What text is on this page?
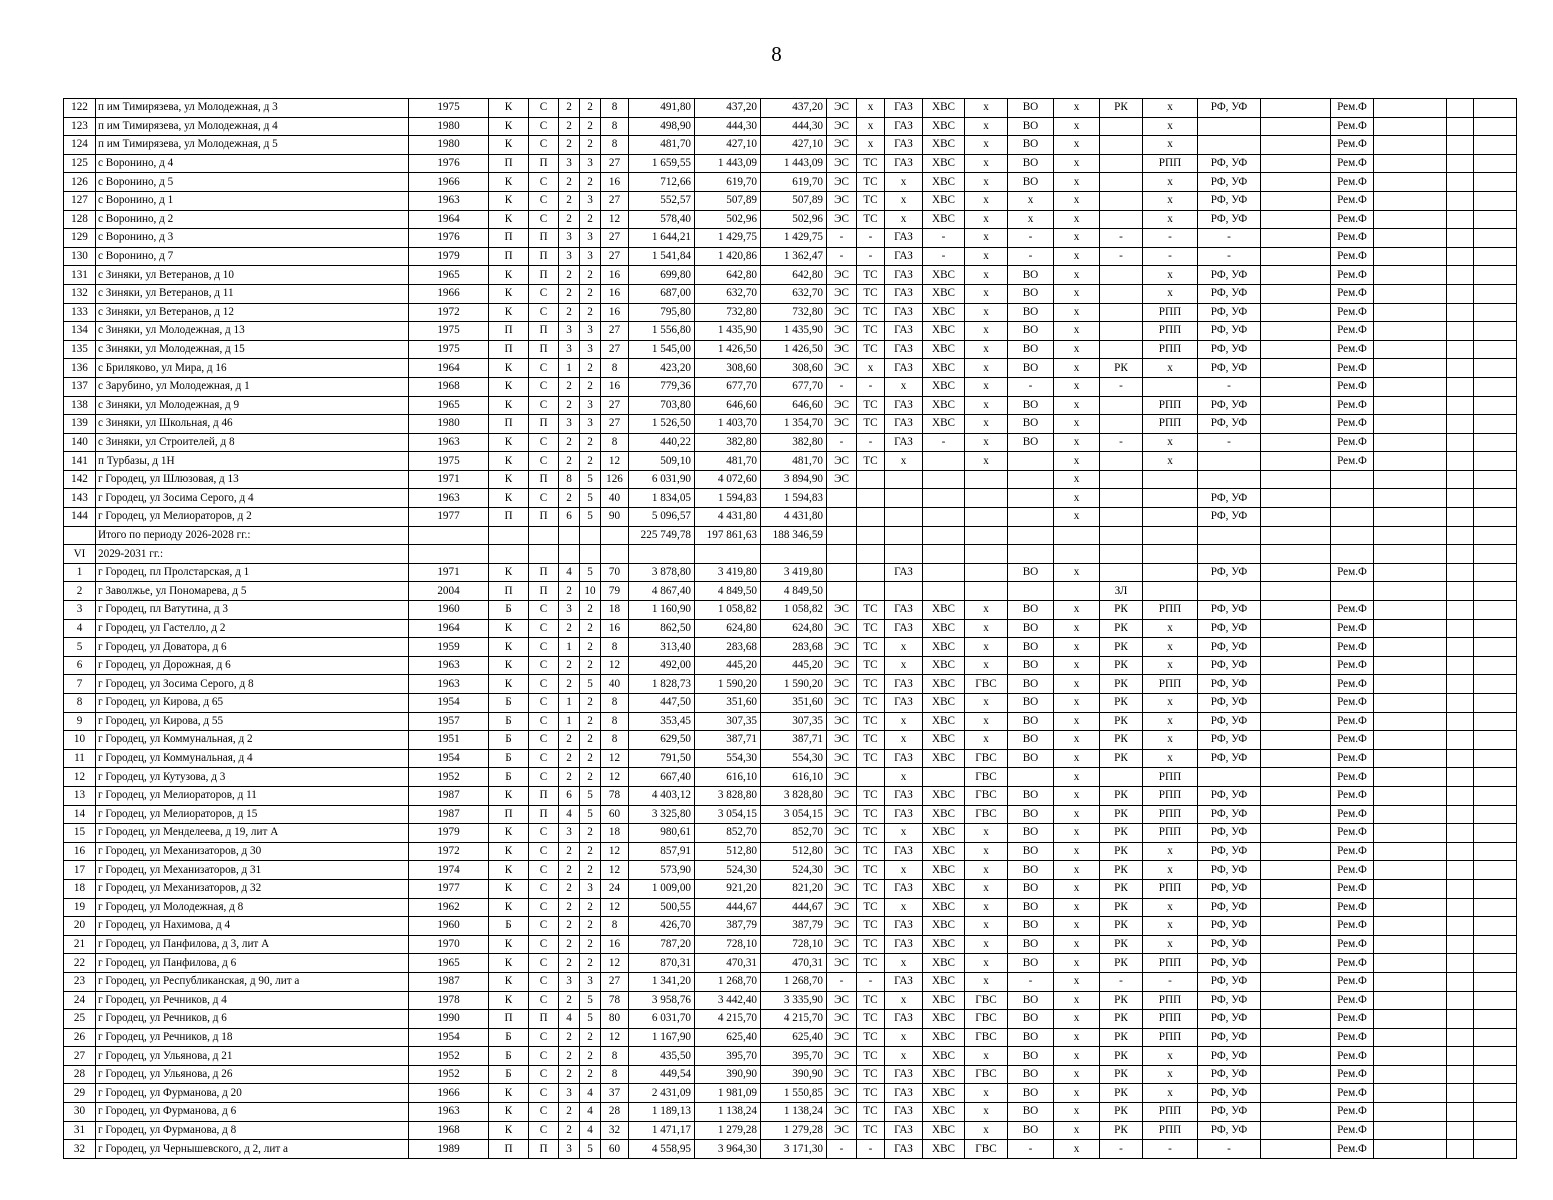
8
122	п им Тимирязева, ул Молодежная, д 3	1975	К	С	2	2	8	491,80	437,20	437,20	ЭС	х	ГАЗ	ХВС	х	ВО	х	РК	х	РФ, УФ		Рем.Ф			
123	п им Тимирязева, ул Молодежная, д 4	1980	К	С	2	2	8	498,90	444,30	444,30	ЭС	х	ГАЗ	ХВС	х	ВО	х		х			Рем.Ф			
124	п им Тимирязева, ул Молодежная, д 5	1980	К	С	2	2	8	481,70	427,10	427,10	ЭС	х	ГАЗ	ХВС	х	ВО	х		х			Рем.Ф			
125	с Воронино, д 4	1976	П	П	3	3	27	1 659,55	1 443,09	1 443,09	ЭС	ТС	ГАЗ	ХВС	х	ВО	х		РПП	РФ, УФ		Рем.Ф			
126	с Воронино, д 5	1966	К	С	2	2	16	712,66	619,70	619,70	ЭС	ТС	х	ХВС	х	ВО	х		х	РФ, УФ		Рем.Ф			
127	с Воронино, д 1	1963	К	С	2	3	27	552,57	507,89	507,89	ЭС	ТС	х	ХВС	х	х	х		х	РФ, УФ		Рем.Ф			
128	с Воронино, д 2	1964	К	С	2	2	12	578,40	502,96	502,96	ЭС	ТС	х	ХВС	х	х	х		х	РФ, УФ		Рем.Ф			
129	с Воронино, д 3	1976	П	П	3	3	27	1 644,21	1 429,75	1 429,75	-	-	ГАЗ	-	х	-	х	-	-	-		Рем.Ф			
130	с Воронино, д 7	1979	П	П	3	3	27	1 541,84	1 420,86	1 362,47	-	-	ГАЗ	-	х	-	х	-	-	-		Рем.Ф			
131	с Зиняки, ул Ветеранов, д 10	1965	К	П	2	2	16	699,80	642,80	642,80	ЭС	ТС	ГАЗ	ХВС	х	ВО	х		х	РФ, УФ		Рем.Ф			
132	с Зиняки, ул Ветеранов, д 11	1966	К	С	2	2	16	687,00	632,70	632,70	ЭС	ТС	ГАЗ	ХВС	х	ВО	х		х	РФ, УФ		Рем.Ф			
133	с Зиняки, ул Ветеранов, д 12	1972	К	С	2	2	16	795,80	732,80	732,80	ЭС	ТС	ГАЗ	ХВС	х	ВО	х		РПП	РФ, УФ		Рем.Ф			
134	с Зиняки, ул Молодежная, д 13	1975	П	П	3	3	27	1 556,80	1 435,90	1 435,90	ЭС	ТС	ГАЗ	ХВС	х	ВО	х		РПП	РФ, УФ		Рем.Ф			
135	с Зиняки, ул Молодежная, д 15	1975	П	П	3	3	27	1 545,00	1 426,50	1 426,50	ЭС	ТС	ГАЗ	ХВС	х	ВО	х		РПП	РФ, УФ		Рем.Ф			
136	с Бриляково, ул Мира, д 16	1964	К	С	1	2	8	423,20	308,60	308,60	ЭС	х	ГАЗ	ХВС	х	ВО	х	РК	х	РФ, УФ		Рем.Ф			
137	с Зарубино, ул Молодежная, д 1	1968	К	С	2	2	16	779,36	677,70	677,70	-	-	х	ХВС	х	-	х	-		-		Рем.Ф			
138	с Зиняки, ул Молодежная, д 9	1965	К	С	2	3	27	703,80	646,60	646,60	ЭС	ТС	ГАЗ	ХВС	х	ВО	х		РПП	РФ, УФ		Рем.Ф			
139	с Зиняки, ул Школьная, д 46	1980	П	П	3	3	27	1 526,50	1 403,70	1 354,70	ЭС	ТС	ГАЗ	ХВС	х	ВО	х		РПП	РФ, УФ		Рем.Ф			
140	с Зиняки, ул Строителей, д 8	1963	К	С	2	2	8	440,22	382,80	382,80	-	-	ГАЗ	-	х	ВО	х	-	х	-		Рем.Ф			
141	п Турбазы, д 1Н	1975	К	С	2	2	12	509,10	481,70	481,70	ЭС	ТС	х		х		х		х			Рем.Ф			
142	г Городец, ул Шлюзовая, д 13	1971	К	П	8	5	126	6 031,90	4 072,60	3 894,90	ЭС						х								
143	г Городец, ул Зосима Серого, д 4	1963	К	С	2	5	40	1 834,05	1 594,83	1 594,83							х			РФ, УФ					
144	г Городец, ул Мелиораторов, д 2	1977	П	П	6	5	90	5 096,57	4 431,80	4 431,80							х			РФ, УФ					
	Итого по периоду 2026-2028 гг.:							225 749,78	197 861,63	188 346,59															
VI	2029-2031 гг.:																								
1	г Городец, пл Пролстарская, д 1	1971	К	П	4	5	70	3 878,80	3 419,80	3 419,80			ГАЗ			ВО	х			РФ, УФ		Рем.Ф			
2	г Заволжье, ул Пономарева, д 5	2004	П	П	2	10	79	4 867,40	4 849,50	4 849,50								ЗЛ							
3	г Городец, пл Ватутина, д 3	1960	Б	С	3	2	18	1 160,90	1 058,82	1 058,82	ЭС	ТС	ГАЗ	ХВС	х	ВО	х	РК	РПП	РФ, УФ		Рем.Ф			
4	г Городец, ул Гастелло, д 2	1964	К	С	2	2	16	862,50	624,80	624,80	ЭС	ТС	ГАЗ	ХВС	х	ВО	х	РК	х	РФ, УФ		Рем.Ф			
5	г Городец, ул Доватора, д 6	1959	К	С	1	2	8	313,40	283,68	283,68	ЭС	ТС	х	ХВС	х	ВО	х	РК	х	РФ, УФ		Рем.Ф			
6	г Городец, ул Дорожная, д 6	1963	К	С	2	2	12	492,00	445,20	445,20	ЭС	ТС	х	ХВС	х	ВО	х	РК	х	РФ, УФ		Рем.Ф			
7	г Городец, ул Зосима Серого, д 8	1963	К	С	2	5	40	1 828,73	1 590,20	1 590,20	ЭС	ТС	ГАЗ	ХВС	ГВС	ВО	х	РК	РПП	РФ, УФ		Рем.Ф			
8	г Городец, ул Кирова, д 65	1954	Б	С	1	2	8	447,50	351,60	351,60	ЭС	ТС	ГАЗ	ХВС	х	ВО	х	РК	х	РФ, УФ		Рем.Ф			
9	г Городец, ул Кирова, д 55	1957	Б	С	1	2	8	353,45	307,35	307,35	ЭС	ТС	х	ХВС	х	ВО	х	РК	х	РФ, УФ		Рем.Ф			
10	г Городец, ул Коммунальная, д 2	1951	Б	С	2	2	8	629,50	387,71	387,71	ЭС	ТС	х	ХВС	х	ВО	х	РК	х	РФ, УФ		Рем.Ф			
11	г Городец, ул Коммунальная, д 4	1954	Б	С	2	2	12	791,50	554,30	554,30	ЭС	ТС	ГАЗ	ХВС	ГВС	ВО	х	РК	х	РФ, УФ		Рем.Ф			
12	г Городец, ул Кутузова, д 3	1952	Б	С	2	2	12	667,40	616,10	616,10	ЭС		х		ГВС		х		РПП			Рем.Ф			
13	г Городец, ул Мелиораторов, д 11	1987	К	П	6	5	78	4 403,12	3 828,80	3 828,80	ЭС	ТС	ГАЗ	ХВС	ГВС	ВО	х	РК	РПП	РФ, УФ		Рем.Ф			
14	г Городец, ул Мелиораторов, д 15	1987	П	П	4	5	60	3 325,80	3 054,15	3 054,15	ЭС	ТС	ГАЗ	ХВС	ГВС	ВО	х	РК	РПП	РФ, УФ		Рем.Ф			
15	г Городец, ул Менделеева, д 19, лит А	1979	К	С	3	2	18	980,61	852,70	852,70	ЭС	ТС	х	ХВС	х	ВО	х	РК	РПП	РФ, УФ		Рем.Ф			
16	г Городец, ул Механизаторов, д 30	1972	К	С	2	2	12	857,91	512,80	512,80	ЭС	ТС	ГАЗ	ХВС	х	ВО	х	РК	х	РФ, УФ		Рем.Ф			
17	г Городец, ул Механизаторов, д 31	1974	К	С	2	2	12	573,90	524,30	524,30	ЭС	ТС	х	ХВС	х	ВО	х	РК	х	РФ, УФ		Рем.Ф			
18	г Городец, ул Механизаторов, д 32	1977	К	С	2	3	24	1 009,00	921,20	821,20	ЭС	ТС	ГАЗ	ХВС	х	ВО	х	РК	РПП	РФ, УФ		Рем.Ф			
19	г Городец, ул Молодежная, д 8	1962	К	С	2	2	12	500,55	444,67	444,67	ЭС	ТС	х	ХВС	х	ВО	х	РК	х	РФ, УФ		Рем.Ф			
20	г Городец, ул Нахимова, д 4	1960	Б	С	2	2	8	426,70	387,79	387,79	ЭС	ТС	ГАЗ	ХВС	х	ВО	х	РК	х	РФ, УФ		Рем.Ф			
21	г Городец, ул Панфилова, д 3, лит А	1970	К	С	2	2	16	787,20	728,10	728,10	ЭС	ТС	ГАЗ	ХВС	х	ВО	х	РК	х	РФ, УФ		Рем.Ф			
22	г Городец, ул Панфилова, д 6	1965	К	С	2	2	12	870,31	470,31	470,31	ЭС	ТС	х	ХВС	х	ВО	х	РК	РПП	РФ, УФ		Рем.Ф			
23	г Городец, ул Республиканская, д 90, лит а	1987	К	С	3	3	27	1 341,20	1 268,70	1 268,70	-	-	ГАЗ	ХВС	х	-	х	-	-	РФ, УФ		Рем.Ф			
24	г Городец, ул Речников, д 4	1978	К	С	2	5	78	3 958,76	3 442,40	3 335,90	ЭС	ТС	х	ХВС	ГВС	ВО	х	РК	РПП	РФ, УФ		Рем.Ф			
25	г Городец, ул Речников, д 6	1990	П	П	4	5	80	6 031,70	4 215,70	4 215,70	ЭС	ТС	ГАЗ	ХВС	ГВС	ВО	х	РК	РПП	РФ, УФ		Рем.Ф			
26	г Городец, ул Речников, д 18	1954	Б	С	2	2	12	1 167,90	625,40	625,40	ЭС	ТС	х	ХВС	ГВС	ВО	х	РК	РПП	РФ, УФ		Рем.Ф			
27	г Городец, ул Ульянова, д 21	1952	Б	С	2	2	8	435,50	395,70	395,70	ЭС	ТС	х	ХВС	х	ВО	х	РК	х	РФ, УФ		Рем.Ф			
28	г Городец, ул Ульянова, д 26	1952	Б	С	2	2	8	449,54	390,90	390,90	ЭС	ТС	ГАЗ	ХВС	ГВС	ВО	х	РК	х	РФ, УФ		Рем.Ф			
29	г Городец, ул Фурманова, д 20	1966	К	С	3	4	37	2 431,09	1 981,09	1 550,85	ЭС	ТС	ГАЗ	ХВС	х	ВО	х	РК	х	РФ, УФ		Рем.Ф			
30	г Городец, ул Фурманова, д 6	1963	К	С	2	4	28	1 189,13	1 138,24	1 138,24	ЭС	ТС	ГАЗ	ХВС	х	ВО	х	РК	РПП	РФ, УФ		Рем.Ф			
31	г Городец, ул Фурманова, д 8	1968	К	С	2	4	32	1 471,17	1 279,28	1 279,28	ЭС	ТС	ГАЗ	ХВС	х	ВО	х	РК	РПП	РФ, УФ		Рем.Ф			
32	г Городец, ул Чернышевского, д 2, лит а	1989	П	П	3	5	60	4 558,95	3 964,30	3 171,30	-	-	ГАЗ	ХВС	ГВС	-	х	-	-	-		Рем.Ф			
